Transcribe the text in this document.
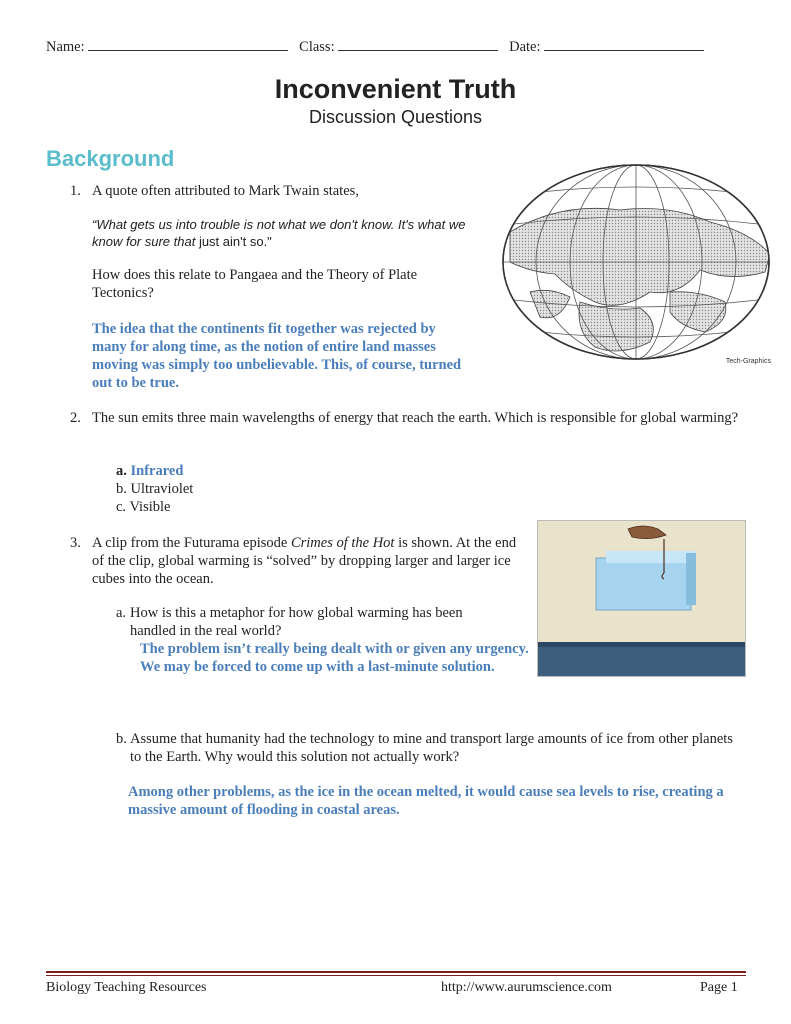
Name:	Class:	Date:
Inconvenient Truth
Discussion Questions
Background
1. A quote often attributed to Mark Twain states,
“What gets us into trouble is not what we don't know. It's what we know for sure that just ain't so."
How does this relate to Pangaea and the Theory of Plate Tectonics?
The idea that the continents fit together was rejected by many for along time, as the notion of entire land masses moving was simply too unbelievable. This, of course, turned out to be true.
Tech-Graphics
2. The sun emits three main wavelengths of energy that reach the earth. Which is responsible for global warming?
a. Infrared
b. Ultraviolet
c. Visible
3. A clip from the Futurama episode Crimes of the Hot is shown. At the end of the clip, global warming is “solved” by dropping larger and larger ice cubes into the ocean.
a. How is this a metaphor for how global warming has been handled in the real world?
The problem isn’t really being dealt with or given any urgency. We may be forced to come up with a last-minute solution.
b. Assume that humanity had the technology to mine and transport large amounts of ice from other planets to the Earth. Why would this solution not actually work?
Among other problems, as the ice in the ocean melted, it would cause sea levels to rise, creating a massive amount of flooding in coastal areas.
Biology Teaching Resources	http://www.aurumscience.com	Page 1
